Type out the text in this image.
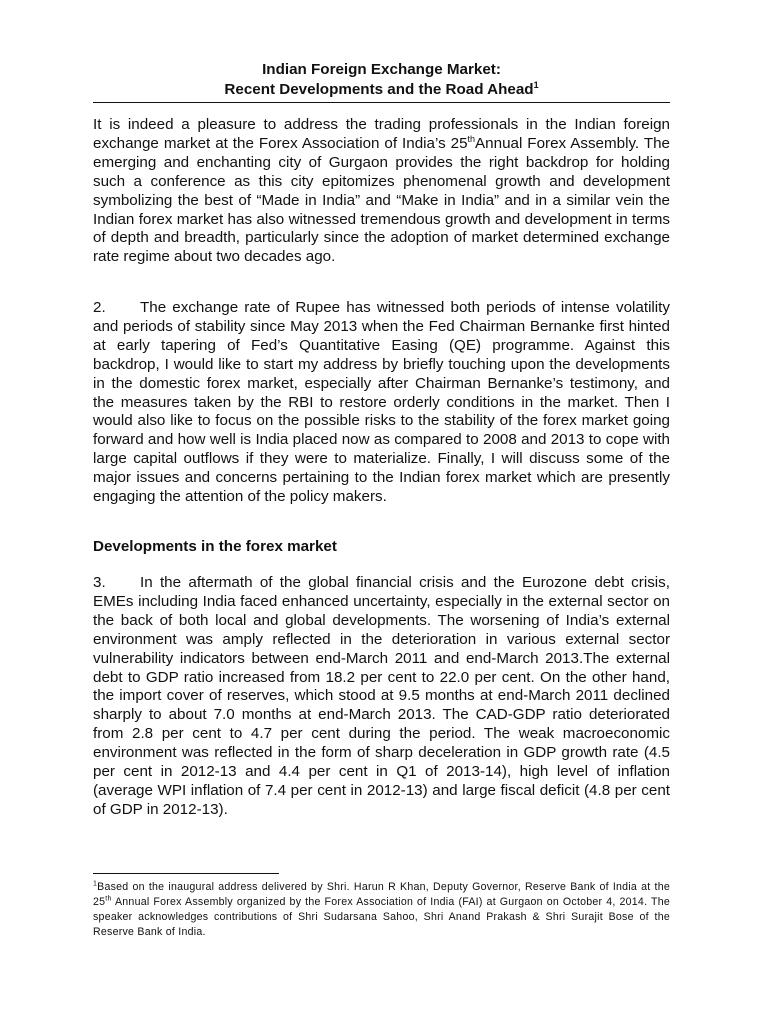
Indian Foreign Exchange Market:
Recent Developments and the Road Ahead$^1$

It is indeed a pleasure to address the trading professionals in the Indian foreign exchange market at the Forex Association of India’s 25thAnnual Forex Assembly. The emerging and enchanting city of Gurgaon provides the right backdrop for holding such a conference as this city epitomizes phenomenal growth and development symbolizing the best of “Made in India” and “Make in India” and in a similar vein the Indian forex market has also witnessed tremendous growth and development in terms of depth and breadth, particularly since the adoption of market determined exchange rate regime about two decades ago.

2. The exchange rate of Rupee has witnessed both periods of intense volatility and periods of stability since May 2013 when the Fed Chairman Bernanke first hinted at early tapering of Fed’s Quantitative Easing (QE) programme. Against this backdrop, I would like to start my address by briefly touching upon the developments in the domestic forex market, especially after Chairman Bernanke’s testimony, and the measures taken by the RBI to restore orderly conditions in the market. Then I would also like to focus on the possible risks to the stability of the forex market going forward and how well is India placed now as compared to 2008 and 2013 to cope with large capital outflows if they were to materialize. Finally, I will discuss some of the major issues and concerns pertaining to the Indian forex market which are presently engaging the attention of the policy makers.

Developments in the forex market

3. In the aftermath of the global financial crisis and the Eurozone debt crisis, EMEs including India faced enhanced uncertainty, especially in the external sector on the back of both local and global developments. The worsening of India’s external environment was amply reflected in the deterioration in various external sector vulnerability indicators between end-March 2011 and end-March 2013.The external debt to GDP ratio increased from 18.2 per cent to 22.0 per cent. On the other hand, the import cover of reserves, which stood at 9.5 months at end-March 2011 declined sharply to about 7.0 months at end-March 2013. The CAD-GDP ratio deteriorated from 2.8 per cent to 4.7 per cent during the period. The weak macroeconomic environment was reflected in the form of sharp deceleration in GDP growth rate (4.5 per cent in 2012-13 and 4.4 per cent in Q1 of 2013-14), high level of inflation (average WPI inflation of 7.4 per cent in 2012-13) and large fiscal deficit (4.8 per cent of GDP in 2012-13).

$^1$Based on the inaugural address delivered by Shri. Harun R Khan, Deputy Governor, Reserve Bank of India at the 25th Annual Forex Assembly organized by the Forex Association of India (FAI) at Gurgaon on October 4, 2014. The speaker acknowledges contributions of Shri Sudarsana Sahoo, Shri Anand Prakash & Shri Surajit Bose of the Reserve Bank of India.
